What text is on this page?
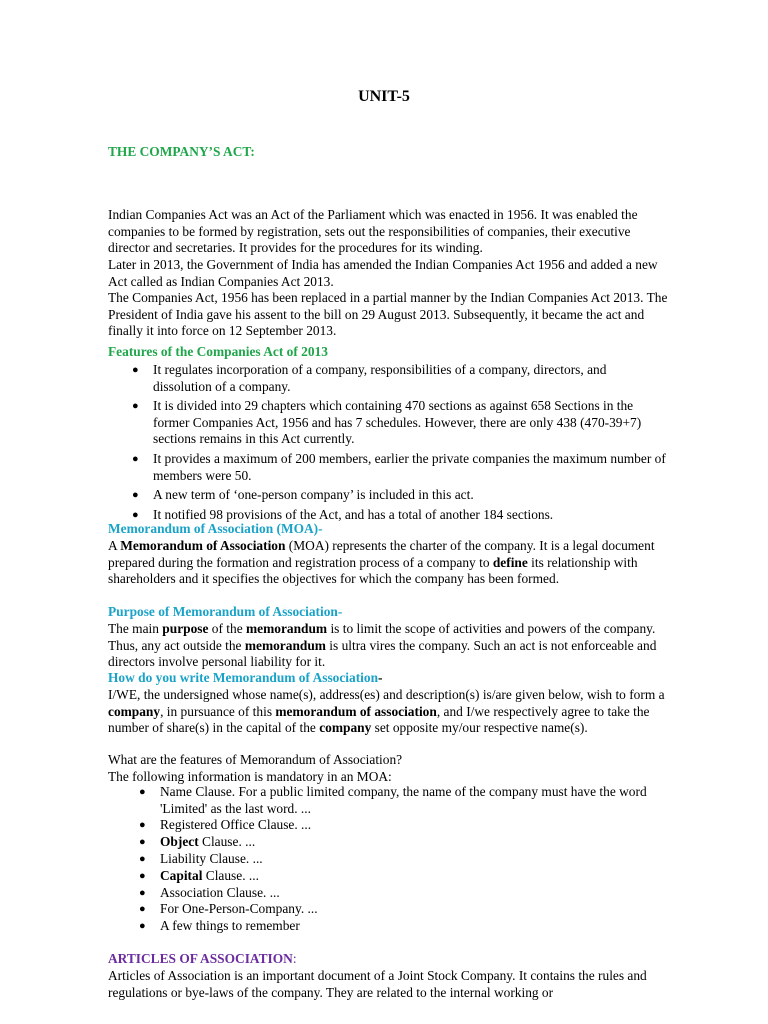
UNIT-5
THE COMPANY’S ACT:

Indian Companies Act was an Act of the Parliament which was enacted in 1956. It was enabled the companies to be formed by registration, sets out the responsibilities of companies, their executive director and secretaries. It provides for the procedures for its winding.

Later in 2013, the Government of India has amended the Indian Companies Act 1956 and added a new Act called as Indian Companies Act 2013.

The Companies Act, 1956 has been replaced in a partial manner by the Indian Companies Act 2013. The President of India gave his assent to the bill on 29 August 2013. Subsequently, it became the act and finally it into force on 12 September 2013.

Features of the Companies Act of 2013
● It regulates incorporation of a company, responsibilities of a company, directors, and dissolution of a company.
● It is divided into 29 chapters which containing 470 sections as against 658 Sections in the former Companies Act, 1956 and has 7 schedules. However, there are only 438 (470-39+7) sections remains in this Act currently.
● It provides a maximum of 200 members, earlier the private companies the maximum number of members were 50.
● A new term of ‘one-person company’ is included in this act.
● It notified 98 provisions of the Act, and has a total of another 184 sections.
Memorandum of Association (MOA)-

A Memorandum of Association (MOA) represents the charter of the company. It is a legal document prepared during the formation and registration process of a company to define its relationship with shareholders and it specifies the objectives for which the company has been formed.

Purpose of Memorandum of Association-

The main purpose of the memorandum is to limit the scope of activities and powers of the company. Thus, any act outside the memorandum is ultra vires the company. Such an act is not enforceable and directors involve personal liability for it.

How do you write Memorandum of Association-

I/WE, the undersigned whose name(s), address(es) and description(s) is/are given below, wish to form a company, in pursuance of this memorandum of association, and I/we respectively agree to take the number of share(s) in the capital of the company set opposite my/our respective name(s).

What are the features of Memorandum of Association?

The following information is mandatory in an MOA:

● Name Clause. For a public limited company, the name of the company must have the word 'Limited' as the last word. ...
● Registered Office Clause. ...
● Object Clause. ...
● Liability Clause. ...
● Capital Clause. ...
● Association Clause. ...
● For One-Person-Company. ...
● A few things to remember
ARTICLES OF ASSOCIATION:

Articles of Association is an important document of a Joint Stock Company. It contains the rules and regulations or bye-laws of the company. They are related to the internal working or
